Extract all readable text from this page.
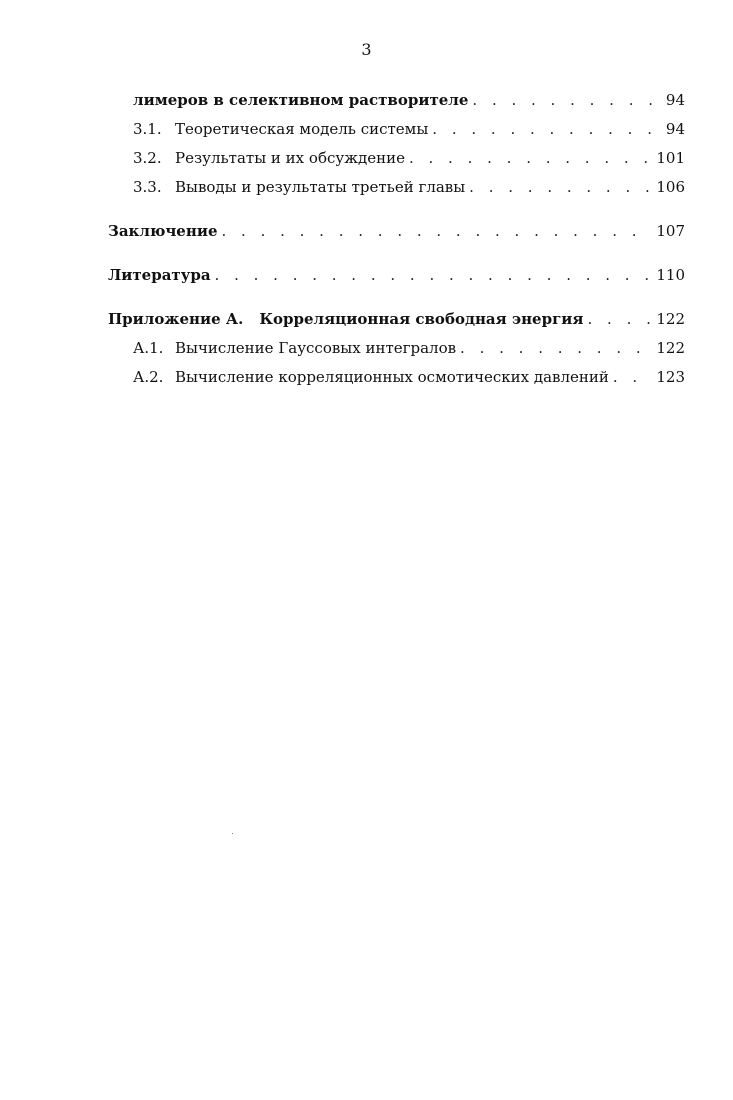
3
лимеров в селективном растворителе . . .	94
3.1. Теоретическая модель системы . . .	94
3.2. Результаты и их обсуждение . . .	101
3.3. Выводы и результаты третьей главы . . .	106
Заключение . . .	107
Литература . . .	110
Приложение А. Корреляционная свободная энергия . . .	122
А.1. Вычисление Гауссовых интегралов . . .	122
А.2. Вычисление корреляционных осмотических давлений . . .	123
